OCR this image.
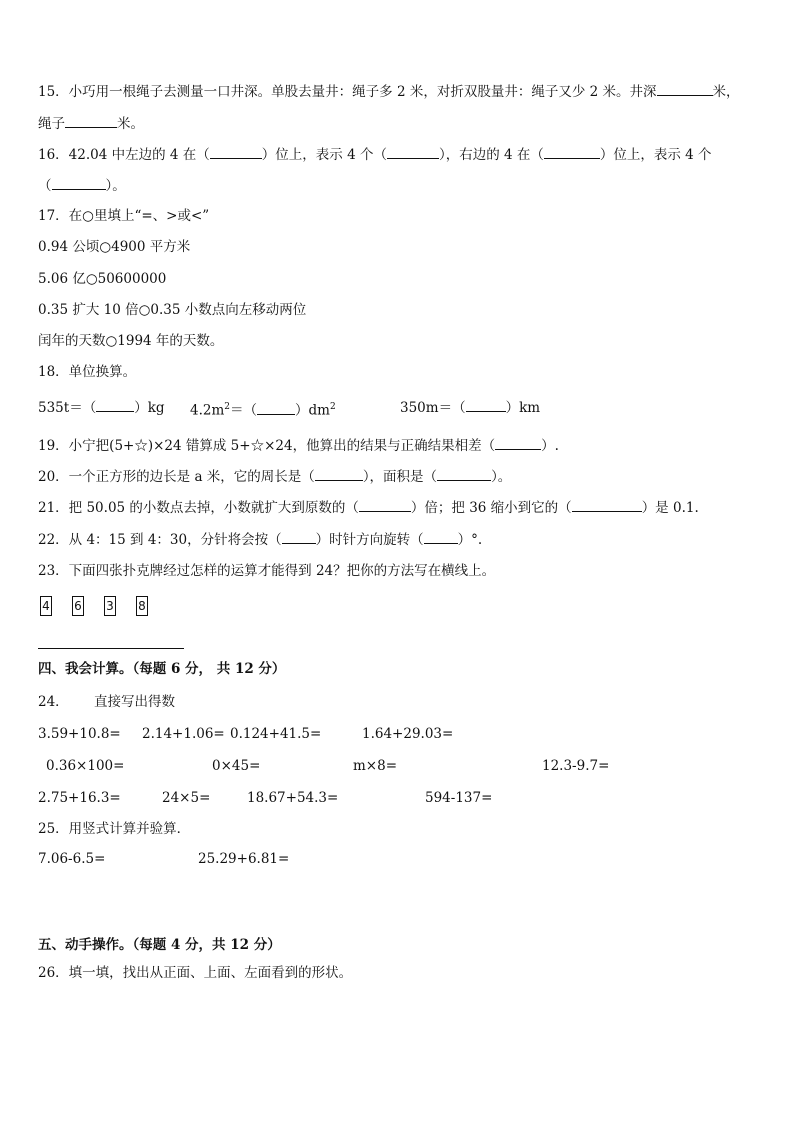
15．小巧用一根绳子去测量一口井深。单股去量井：绳子多 2 米，对折双股量井：绳子又少 2 米。井深	米，
绳子	米。
16．42.04 中左边的 4 在（	）位上，表示 4 个（	），右边的 4 在（	）位上，表示 4 个
（	）。
17．在○里填上“=、>或<”
0.94 公顷○4900 平方米
5.06 亿○50600000
0.35 扩大 10 倍○0.35 小数点向左移动两位
闰年的天数○1994 年的天数。
18．单位换算。
535t＝（	）kg $4.2m^2=$（	）$dm^2$	350m＝（	）km
19．小宁把(5+☆)×24 错算成 5+☆×24，他算出的结果与正确结果相差（	）.
20．一个正方形的边长是 a 米，它的周长是（	），面积是（	）。
21．把 50.05 的小数点去掉，小数就扩大到原数的（	）倍；把 36 缩小到它的（	）是 0.1.
22．从 4：15 到 4：30，分针将会按（	）时针方向旋转（	）°.
23．下面四张扑克牌经过怎样的运算才能得到 24？把你的方法写在横线上。
4 6 3 8
四、我会计算。（每题 6 分， 共 12 分）
24． 直接写出得数
3.59+10.8= 2.14+1.06= 0.124+41.5=	1.64+29.03=
0.36×100=	0×45=	m×8=	12.3-9.7=
2.75+16.3=	24×5=	18.67+54.3=	594-137=
25．用竖式计算并验算．
7.06-6.5=	25.29+6.81=
五、动手操作。（每题 4 分，共 12 分）
26．填一填，找出从正面、上面、左面看到的形状。
